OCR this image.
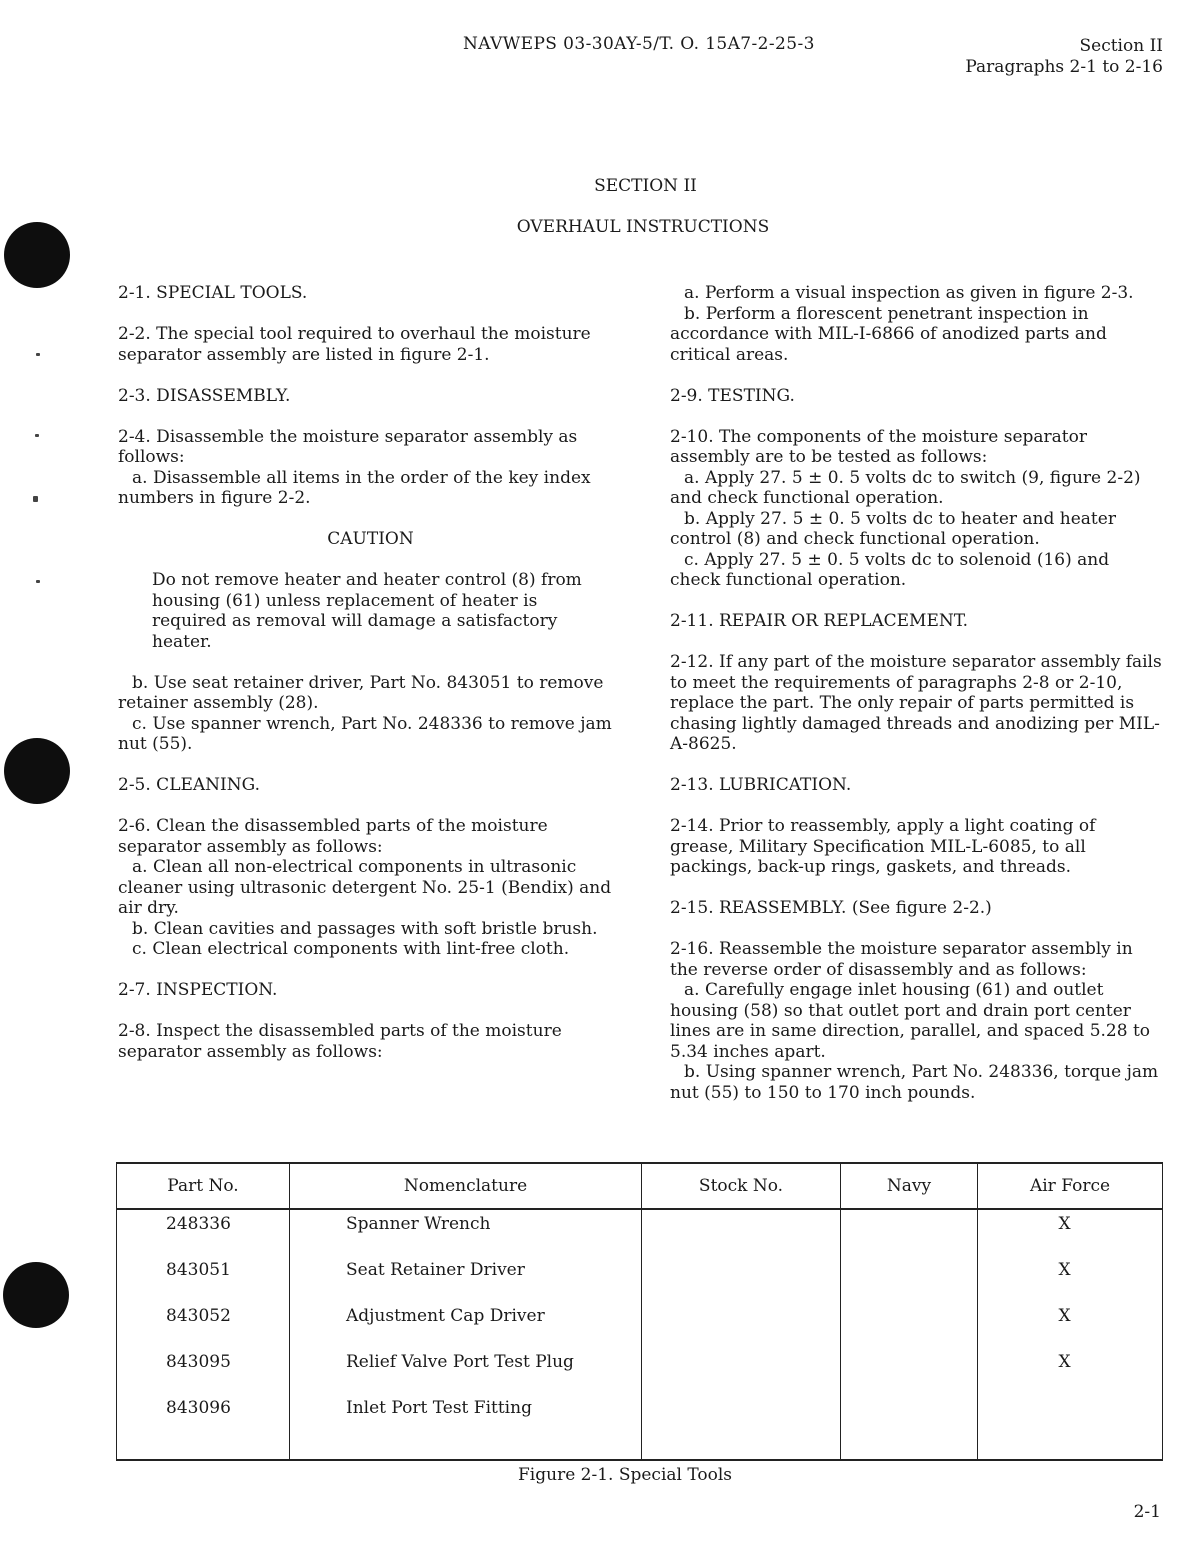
NAVWEPS 03-30AY-5/T. O. 15A7-2-25-3	Section II
Paragraphs 2-1 to 2-16
SECTION II
OVERHAUL INSTRUCTIONS

2-1. SPECIAL TOOLS.

2-2. The special tool required to overhaul the moisture separator assembly are listed in figure 2-1.

2-3. DISASSEMBLY.

2-4. Disassemble the moisture separator assembly as follows:

a. Disassemble all items in the order of the key index numbers in figure 2-2.

CAUTION

Do not remove heater and heater control (8) from housing (61) unless replacement of heater is required as removal will damage a satisfactory heater.

b. Use seat retainer driver, Part No. 843051 to remove retainer assembly (28).

c. Use spanner wrench, Part No. 248336 to remove jam nut (55).

2-5. CLEANING.

2-6. Clean the disassembled parts of the moisture separator assembly as follows:

a. Clean all non-electrical components in ultrasonic cleaner using ultrasonic detergent No. 25-1 (Bendix) and air dry.

b. Clean cavities and passages with soft bristle brush.

c. Clean electrical components with lint-free cloth.

2-7. INSPECTION.

2-8. Inspect the disassembled parts of the moisture separator assembly as follows:

a. Perform a visual inspection as given in figure 2-3.

b. Perform a florescent penetrant inspection in accordance with MIL-I-6866 of anodized parts and critical areas.

2-9. TESTING.

2-10. The components of the moisture separator assembly are to be tested as follows:

a. Apply 27. 5 ± 0. 5 volts dc to switch (9, figure 2-2) and check functional operation.

b. Apply 27. 5 ± 0. 5 volts dc to heater and heater control (8) and check functional operation.

c. Apply 27. 5 ± 0. 5 volts dc to solenoid (16) and check functional operation.

2-11. REPAIR OR REPLACEMENT.

2-12. If any part of the moisture separator assembly fails to meet the requirements of paragraphs 2-8 or 2-10, replace the part. The only repair of parts permitted is chasing lightly damaged threads and anodizing per MIL-A-8625.

2-13. LUBRICATION.

2-14. Prior to reassembly, apply a light coating of grease, Military Specification MIL-L-6085, to all packings, back-up rings, gaskets, and threads.

2-15. REASSEMBLY. (See figure 2-2.)

2-16. Reassemble the moisture separator assembly in the reverse order of disassembly and as follows:

a. Carefully engage inlet housing (61) and outlet housing (58) so that outlet port and drain port center lines are in same direction, parallel, and spaced 5.28 to 5.34 inches apart.

b. Using spanner wrench, Part No. 248336, torque jam nut (55) to 150 to 170 inch pounds.

Part No.	Nomenclature	Stock No.	Navy	Air Force
248336	Spanner Wrench			X
843051	Seat Retainer Driver			X
843052	Adjustment Cap Driver			X
843095	Relief Valve Port Test Plug			X
843096	Inlet Port Test Fitting			
Figure 2-1. Special Tools
2-1
